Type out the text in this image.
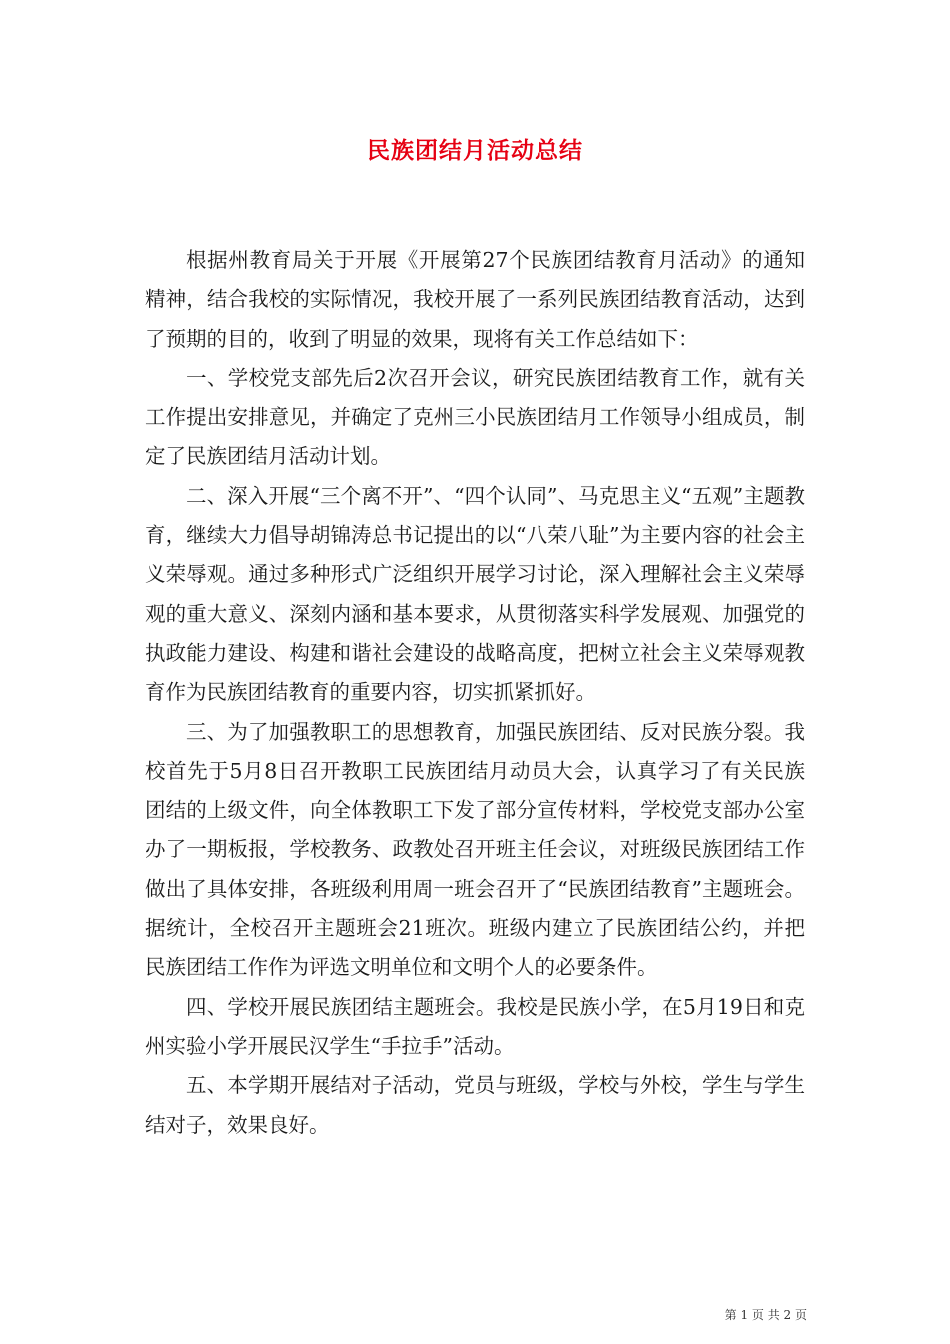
民族团结月活动总结

根据州教育局关于开展《开展第27个民族团结教育月活动》的通知精神，结合我校的实际情况，我校开展了一系列民族团结教育活动，达到了预期的目的，收到了明显的效果，现将有关工作总结如下：

一、学校党支部先后2次召开会议，研究民族团结教育工作，就有关工作提出安排意见，并确定了克州三小民族团结月工作领导小组成员，制定了民族团结月活动计划。

二、深入开展“三个离不开”、“四个认同”、马克思主义“五观”主题教育，继续大力倡导胡锦涛总书记提出的以“八荣八耻”为主要内容的社会主义荣辱观。通过多种形式广泛组织开展学习讨论，深入理解社会主义荣辱观的重大意义、深刻内涵和基本要求，从贯彻落实科学发展观、加强党的执政能力建设、构建和谐社会建设的战略高度，把树立社会主义荣辱观教育作为民族团结教育的重要内容，切实抓紧抓好。

三、为了加强教职工的思想教育，加强民族团结、反对民族分裂。我校首先于5月8日召开教职工民族团结月动员大会，认真学习了有关民族团结的上级文件，向全体教职工下发了部分宣传材料，学校党支部办公室办了一期板报，学校教务、政教处召开班主任会议，对班级民族团结工作做出了具体安排，各班级利用周一班会召开了“民族团结教育”主题班会。据统计，全校召开主题班会21班次。班级内建立了民族团结公约，并把民族团结工作作为评选文明单位和文明个人的必要条件。

四、学校开展民族团结主题班会。我校是民族小学，在5月19日和克州实验小学开展民汉学生“手拉手”活动。

五、本学期开展结对子活动，党员与班级，学校与外校，学生与学生结对子，效果良好。

第 1 页 共 2 页
